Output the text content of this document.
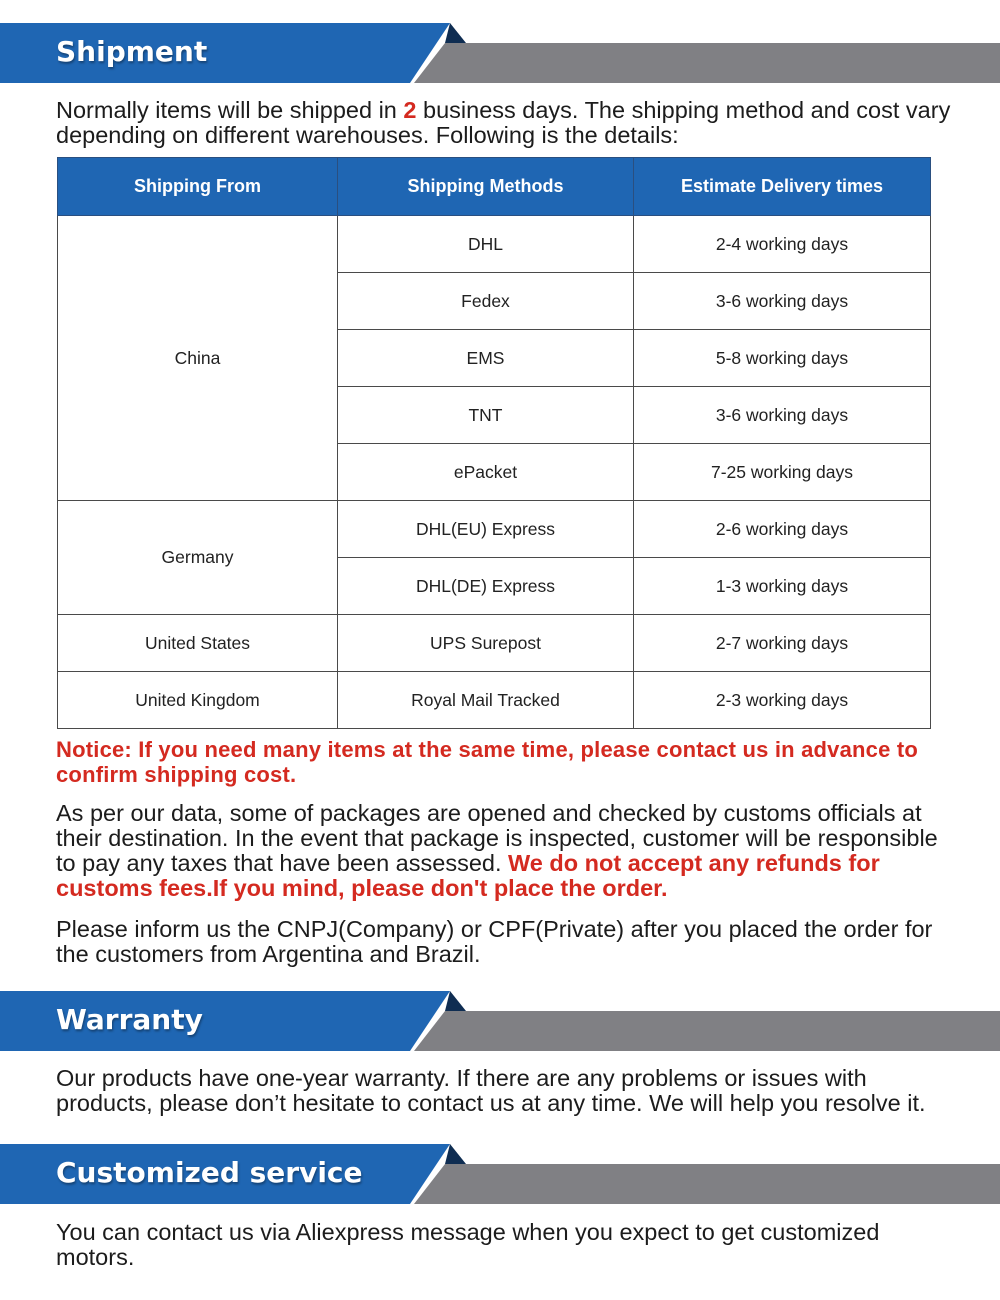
Shipment

Normally items will be shipped in 2 business days. The shipping method and cost vary depending on different warehouses. Following is the details:

Shipping From	Shipping Methods	Estimate Delivery times
China	DHL	2-4 working days
	Fedex	3-6 working days
	EMS	5-8 working days
	TNT	3-6 working days
	ePacket	7-25 working days
Germany	DHL(EU) Express	2-6 working days
	DHL(DE) Express	1-3 working days
United States	UPS Surepost	2-7 working days
United Kingdom	Royal Mail Tracked	2-3 working days

Notice: If you need many items at the same time, please contact us in advance to confirm shipping cost.

As per our data, some of packages are opened and checked by customs officials at their destination. In the event that package is inspected, customer will be responsible to pay any taxes that have been assessed. We do not accept any refunds for customs fees.If you mind, please don't place the order.

Please inform us the CNPJ(Company) or CPF(Private) after you placed the order for the customers from Argentina and Brazil.

Warranty

Our products have one-year warranty. If there are any problems or issues with products, please don’t hesitate to contact us at any time. We will help you resolve it.

Customized service

You can contact us via Aliexpress message when you expect to get customized motors.
